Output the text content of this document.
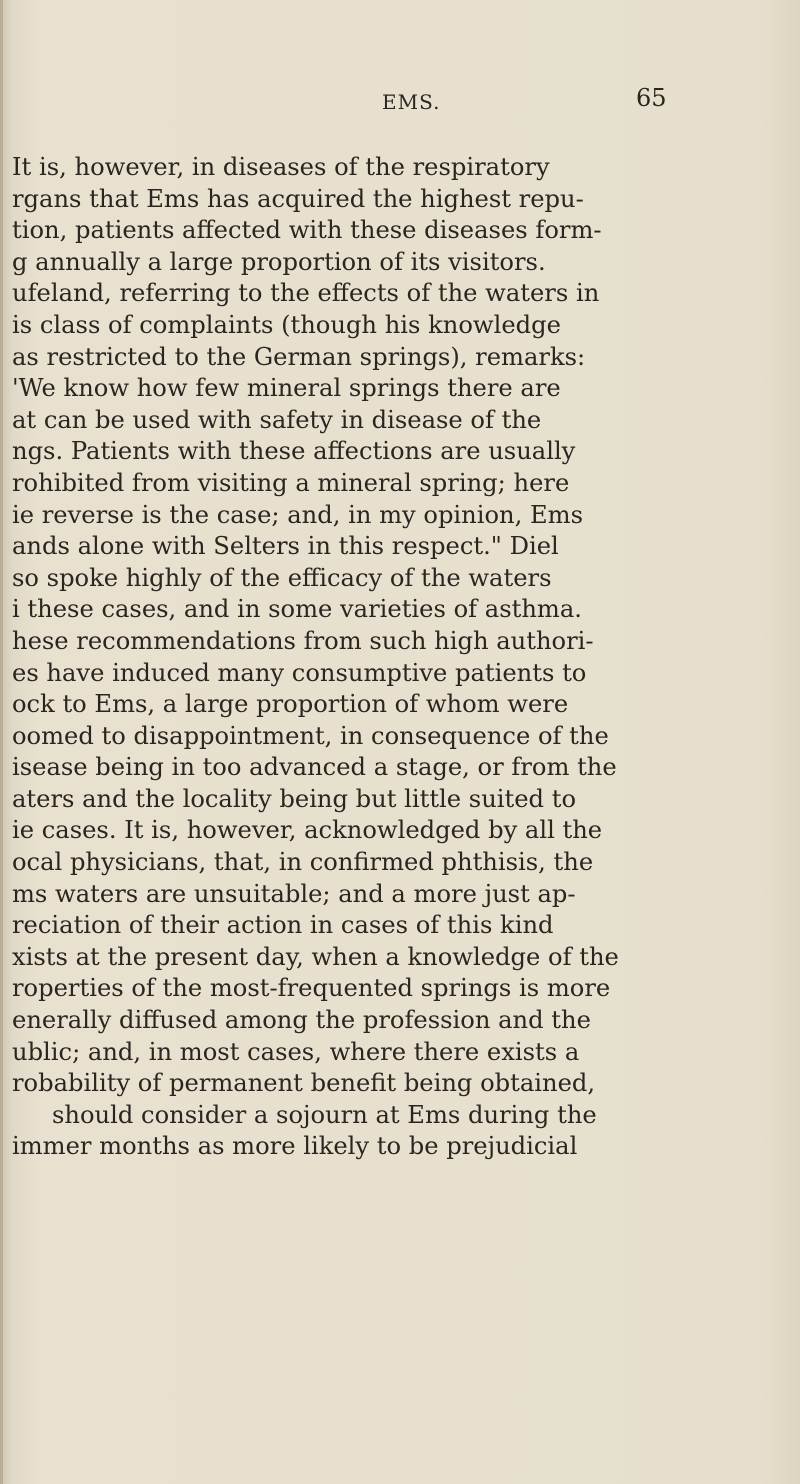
EMS.	65
It is, however, in diseases of the respiratory
rgans that Ems has acquired the highest repu-
tion, patients affected with these diseases form-
g annually a large proportion of its visitors.
ufeland, referring to the effects of the waters in
is class of complaints (though his knowledge
as restricted to the German springs), remarks:
'We know how few mineral springs there are
at can be used with safety in disease of the
ngs. Patients with these affections are usually
rohibited from visiting a mineral spring; here
ie reverse is the case; and, in my opinion, Ems
ands alone with Selters in this respect." Diel
so spoke highly of the efficacy of the waters
i these cases, and in some varieties of asthma.
hese recommendations from such high authori-
es have induced many consumptive patients to
ock to Ems, a large proportion of whom were
oomed to disappointment, in consequence of the
isease being in too advanced a stage, or from the
aters and the locality being but little suited to
ie cases. It is, however, acknowledged by all the
ocal physicians, that, in confirmed phthisis, the
ms waters are unsuitable; and a more just ap-
reciation of their action in cases of this kind
xists at the present day, when a knowledge of the
roperties of the most-frequented springs is more
enerally diffused among the profession and the
ublic; and, in most cases, where there exists a
robability of permanent benefit being obtained,
should consider a sojourn at Ems during the
immer months as more likely to be prejudicial
